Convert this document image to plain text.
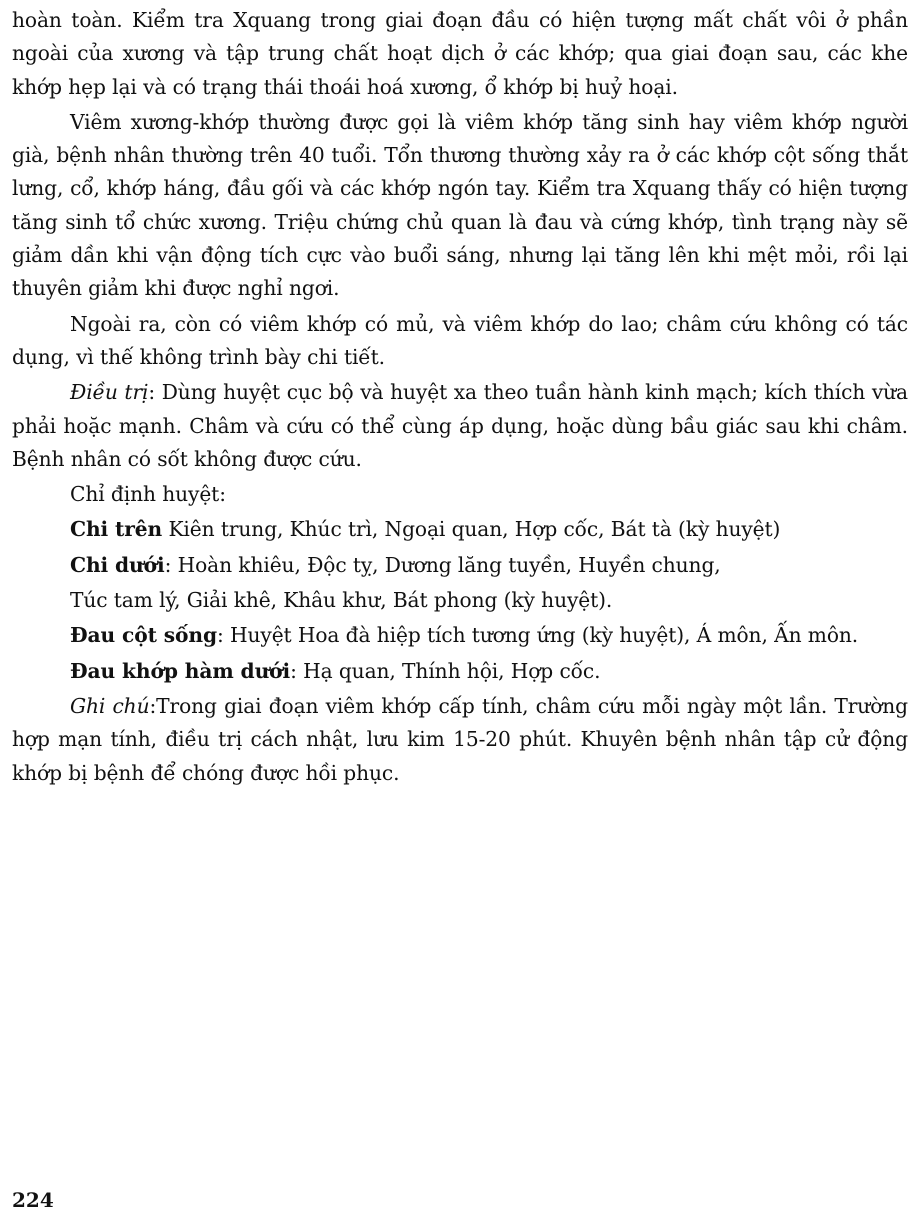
hoàn toàn. Kiểm tra Xquang trong giai đoạn đầu có hiện tượng mất chất vôi ở phần ngoài của xương và tập trung chất hoạt dịch ở các khớp; qua giai đoạn sau, các khe khớp hẹp lại và có trạng thái thoái hoá xương, ổ khớp bị huỷ hoại.

Viêm xương-khớp thường được gọi là viêm khớp tăng sinh hay viêm khớp người già, bệnh nhân thường trên 40 tuổi. Tổn thương thường xảy ra ở các khớp cột sống thắt lưng, cổ, khớp háng, đầu gối và các khớp ngón tay. Kiểm tra Xquang thấy có hiện tượng tăng sinh tổ chức xương. Triệu chứng chủ quan là đau và cứng khớp, tình trạng này sẽ giảm dần khi vận động tích cực vào buổi sáng, nhưng lại tăng lên khi mệt mỏi, rồi lại thuyên giảm khi được nghỉ ngơi.

Ngoài ra, còn có viêm khớp có mủ, và viêm khớp do lao; châm cứu không có tác dụng, vì thế không trình bày chi tiết.

Điều trị: Dùng huyệt cục bộ và huyệt xa theo tuần hành kinh mạch; kích thích vừa phải hoặc mạnh. Châm và cứu có thể cùng áp dụng, hoặc dùng bầu giác sau khi châm. Bệnh nhân có sốt không được cứu.

Chỉ định huyệt:

Chi trên Kiên trung, Khúc trì, Ngoại quan, Hợp cốc, Bát tà (kỳ huyệt)

Chi dưới: Hoàn khiêu, Độc tỵ, Dương lăng tuyền, Huyền chung,

Túc tam lý, Giải khê, Khâu khư, Bát phong (kỳ huyệt).

Đau cột sống: Huyệt Hoa đà hiệp tích tương ứng (kỳ huyệt), Á môn, Ấn môn.

Đau khớp hàm dưới: Hạ quan, Thính hội, Hợp cốc.

Ghi chú:Trong giai đoạn viêm khớp cấp tính, châm cứu mỗi ngày một lần. Trường hợp mạn tính, điều trị cách nhật, lưu kim 15-20 phút. Khuyên bệnh nhân tập cử động khớp bị bệnh để chóng được hồi phục.

224
